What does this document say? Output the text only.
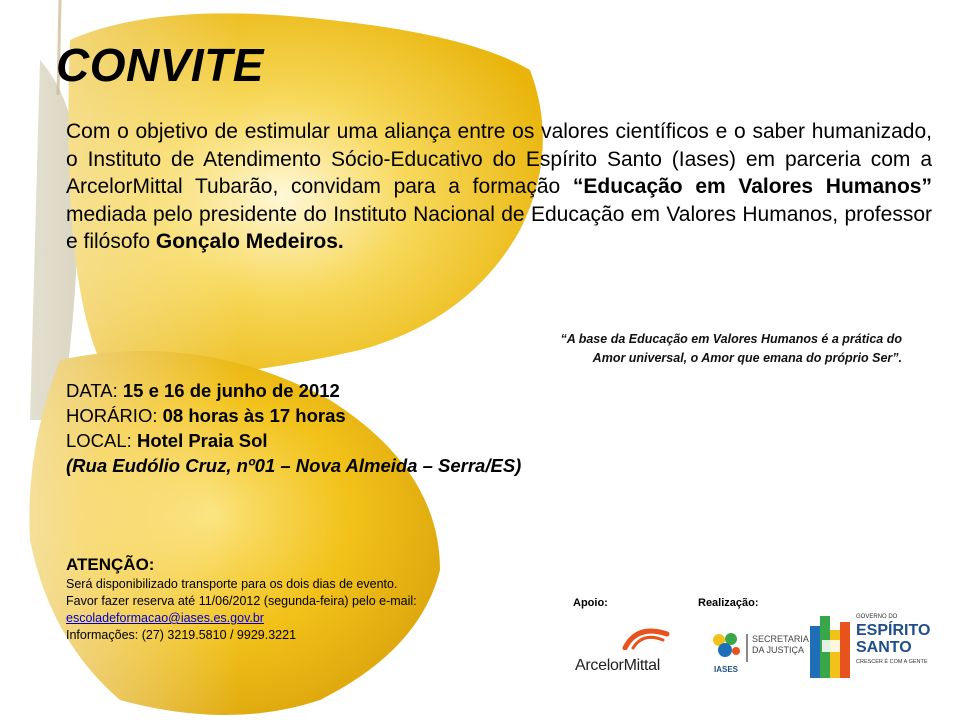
CONVITE
Com o objetivo de estimular uma aliança entre os valores científicos e o saber humanizado, o Instituto de Atendimento Sócio-Educativo do Espírito Santo (Iases) em parceria com a ArcelorMittal Tubarão, convidam para a formação “Educação em Valores Humanos” mediada pelo presidente do Instituto Nacional de Educação em Valores Humanos, professor e filósofo Gonçalo Medeiros.
“A base da Educação em Valores Humanos é a prática do
Amor universal, o Amor que emana do próprio Ser”.
DATA: 15 e 16 de junho de 2012
HORÁRIO: 08 horas às 17 horas
LOCAL: Hotel Praia Sol
(Rua Eudólio Cruz, nº01 – Nova Almeida – Serra/ES)
ATENÇÃO:
Será disponibilizado transporte para os dois dias de evento.
Favor fazer reserva até 11/06/2012 (segunda-feira) pelo e-mail:
escoladeformacao@iases.es.gov.br
Informações: (27) 3219.5810 / 9929.3221
Apoio:	Realização:
ArcelorMittal	IASES
SECRETARIA
DA JUSTIÇA
GOVERNO DO
ESPÍRITO
SANTO
CRESCER É COM A GENTE
